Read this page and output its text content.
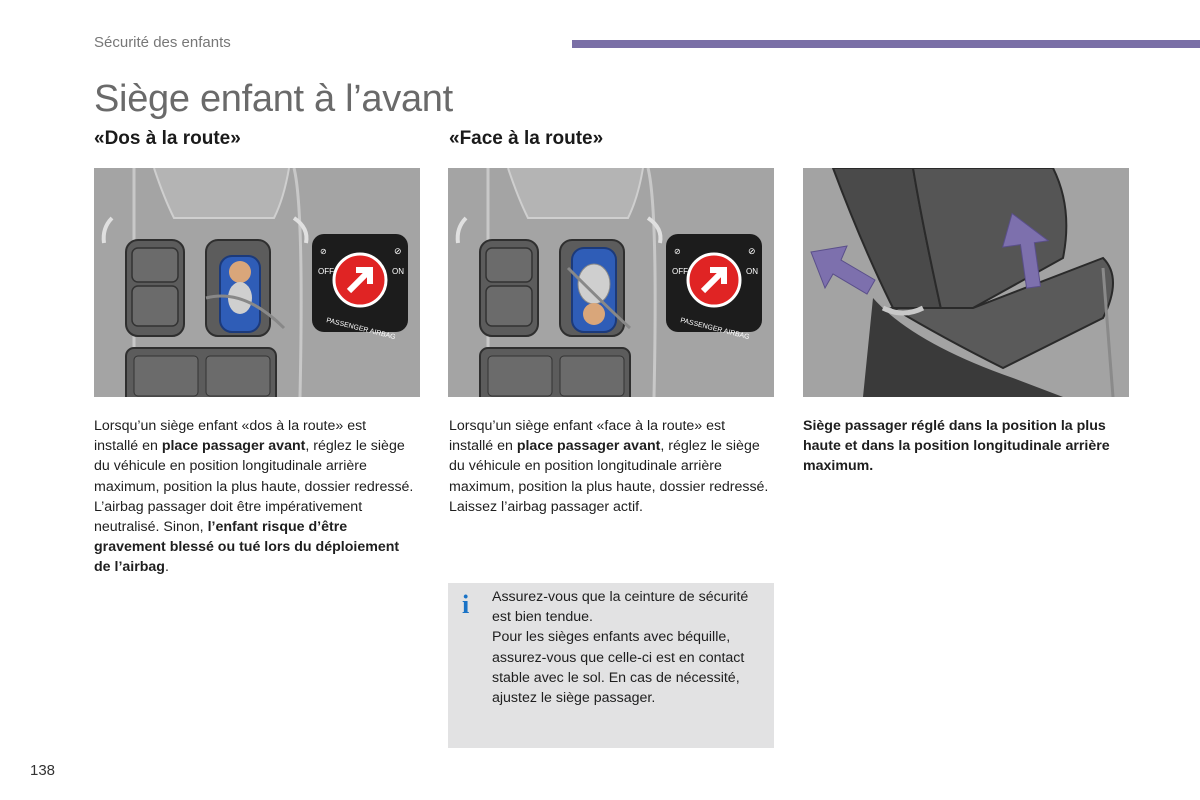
Sécurité des enfants
Siège enfant à l’avant
«Dos à la route»	«Face à la route»
OFF	ON
⊘	⊘
PASSENGER AIRBAG
OFF	ON
⊘	⊘
PASSENGER AIRBAG
Lorsqu’un siège enfant «dos à la route» est installé en place passager avant, réglez le siège du véhicule en position longitudinale arrière maximum, position la plus haute, dossier redressé.
L’airbag passager doit être impérativement neutralisé. Sinon, l’enfant risque d’être gravement blessé ou tué lors du déploiement de l’airbag.
Lorsqu’un siège enfant «face à la route» est installé en place passager avant, réglez le siège du véhicule en position longitudinale arrière maximum, position la plus haute, dossier redressé. Laissez l’airbag passager actif.
Siège passager réglé dans la position la plus haute et dans la position longitudinale arrière maximum.
i Assurez-vous que la ceinture de sécurité est bien tendue.
Pour les sièges enfants avec béquille, assurez-vous que celle-ci est en contact stable avec le sol. En cas de nécessité, ajustez le siège passager.
138
